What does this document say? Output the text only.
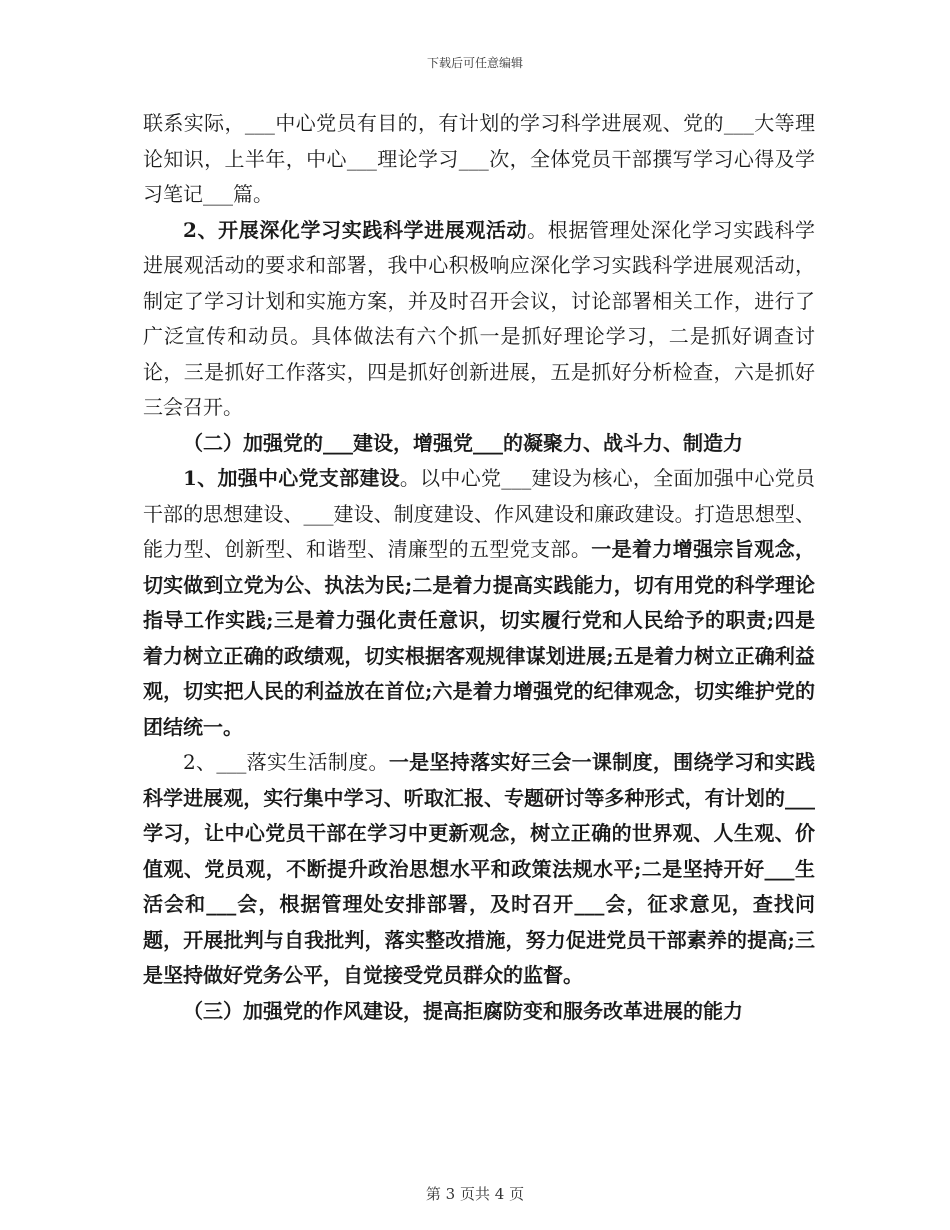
下载后可任意编辑

联系实际，___中心党员有目的，有计划的学习科学进展观、党的___大等理论知识，上半年，中心___理论学习___次，全体党员干部撰写学习心得及学习笔记___篇。

2、开展深化学习实践科学进展观活动。根据管理处深化学习实践科学进展观活动的要求和部署，我中心积极响应深化学习实践科学进展观活动，制定了学习计划和实施方案，并及时召开会议，讨论部署相关工作，进行了广泛宣传和动员。具体做法有六个抓一是抓好理论学习，二是抓好调查讨论，三是抓好工作落实，四是抓好创新进展，五是抓好分析检查，六是抓好三会召开。

（二）加强党的___建设，增强党___的凝聚力、战斗力、制造力

1、加强中心党支部建设。以中心党___建设为核心，全面加强中心党员干部的思想建设、___建设、制度建设、作风建设和廉政建设。打造思想型、能力型、创新型、和谐型、清廉型的五型党支部。一是着力增强宗旨观念，切实做到立党为公、执法为民;二是着力提高实践能力，切有用党的科学理论指导工作实践;三是着力强化责任意识，切实履行党和人民给予的职责;四是着力树立正确的政绩观，切实根据客观规律谋划进展;五是着力树立正确利益观，切实把人民的利益放在首位;六是着力增强党的纪律观念，切实维护党的团结统一。

2、___落实生活制度。一是坚持落实好三会一课制度，围绕学习和实践科学进展观，实行集中学习、听取汇报、专题研讨等多种形式，有计划的___学习，让中心党员干部在学习中更新观念，树立正确的世界观、人生观、价值观、党员观，不断提升政治思想水平和政策法规水平;二是坚持开好___生活会和___会，根据管理处安排部署，及时召开___会，征求意见，查找问题，开展批判与自我批判，落实整改措施，努力促进党员干部素养的提高;三是坚持做好党务公平，自觉接受党员群众的监督。

（三）加强党的作风建设，提高拒腐防变和服务改革进展的能力

第 3 页共 4 页
